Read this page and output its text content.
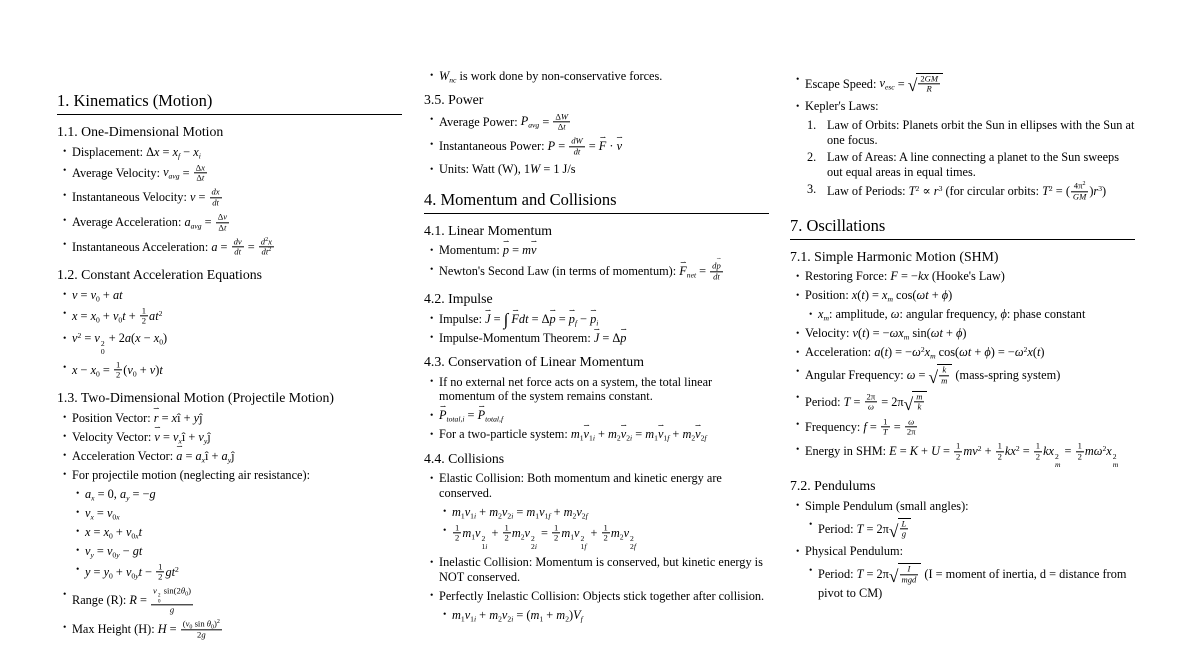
1. Kinematics (Motion)
1.1. One-Dimensional Motion
• Displacement: $\Delta x = x_f - x_i$
• Average Velocity: $v_{avg} = \frac{\Delta x}{\Delta t}$
• Instantaneous Velocity: $v = \frac{dx}{dt}$
• Average Acceleration: $a_{avg} = \frac{\Delta v}{\Delta t}$
• Instantaneous Acceleration: $a = \frac{dv}{dt} = \frac{d^2x}{dt^2}$
1.2. Constant Acceleration Equations
• $v = v_0$ + at
• $x = x_0 + v_0t + \frac{1}{2} at^2$
• $v^2 = v$ 2
0
+ $2a(x - x_0)$
• $x - x_0 = \frac{1}{2} (v_0 + v)t$
1.3. Two-Dimensional Motion (Projectile Motion)
• Position Vector: r ⇀ = xî + yĵ
• Velocity Vector: v ⇀ = $v_xî$ + $v_yĵ$
• Acceleration Vector: a ⇀ = $a_xî$ + $a_yĵ$
• For projectile motion (neglecting air resistance):
• $a_x = 0$, $a_y = -g$
• $v_x = v_{0x}$
• $x = x_0 + v_{0x}t$
• $v_y = v_{0y}$ − gt
• $y = y_0 + v_{0y}t - \frac{1}{2} gt^2$
• Range (R): R = v 2
0
$\sin(2\theta_0)$
g
• Max Height (H): $H = \frac{(v_0 \sin \theta_0)^2}{2g}$
• $W_{nc}$ is work done by non-conservative forces.
3.5. Power
• Average Power: $P_{avg} = \frac{\Delta W}{\Delta t}$
• Instantaneous Power: $P = \frac{dW}{dt} = F$ ⇀ · v ⇀
• Units: Watt (W), 1W = 1 J/s
4. Momentum and Collisions
4.1. Linear Momentum
• Momentum: p ⇀ = mv ⇀
• Newton's Second Law (in terms of momentum): F $⇀_{net} = \frac{dp ⇀}{dt}$
4.2. Impulse
• Impulse: J ⇀ = ∫ F ⇀dt = Δp ⇀ = p $⇀_f - p$ $⇀_i$
• Impulse-Momentum Theorem: J ⇀ = Δp ⇀
4.3. Conservation of Linear Momentum
• If no external net force acts on a system, the total linear momentum of the system remains constant.
• P $⇀_{total,i} = P$ $⇀_{total,f}$
• For a two-particle system: $m_1v$ $⇀_{1i} + m_2v$ $⇀_{2i} = m_1v$ $⇀_{1f} + m_2v$ $⇀_{2f}$
4.4. Collisions
• Elastic Collision: Both momentum and kinetic energy are conserved.
• $m_1v_{1i} + m_2v_{2i} = m_1v_{1f} + m_2v_{2f}$
• $\frac{1}{2} m_1v$ 2
1i
+ $\frac{1}{2} m_2v$ 2
2i
= $\frac{1}{2} m_1v$ 2
1f
+ $\frac{1}{2} m_2v$ 2
2f
• Inelastic Collision: Momentum is conserved, but kinetic energy is NOT conserved.
• Perfectly Inelastic Collision: Objects stick together after collision.
• $m_1v_{1i} + m_2v_{2i} = (m_1 + m_2)V_f$
• Escape Speed: $v_{esc}$ = √ $\frac{2GM}{R}$
• Kepler's Laws:
1. Law of Orbits: Planets orbit the Sun in ellipses with the Sun at one focus.
2. Law of Areas: A line connecting a planet to the Sun sweeps out equal areas in equal times.
3. Law of Periods: $T^2 \propto r^3$ (for circular orbits: $T^2$ = ( $\frac{4\pi^2}{GM} )r^3$)
7. Oscillations
7.1. Simple Harmonic Motion (SHM)
• Restoring Force: F = −kx (Hooke's Law)
• Position: $x(t) = x_m$ cos(ωt + ϕ)
• $x_m$: amplitude, ω: angular frequency, ϕ: phase constant
• Velocity: $v(t) = -\omega x_m$ sin(ωt + ϕ)
• Acceleration: $a(t) = -\omega^2x_m$ $\cos(\omega t + \phi) = -\omega^2x(t)$
• Angular Frequency: ω = √ $\frac{k}{m}$ (mass-spring system)
• Period: $T = \frac{2\pi}{\omega} = 2\pi√ \frac{m}{k}$
• Frequency: $f = \frac{1}{T} = \frac{\omega}{2\pi}$
• Energy in SHM: $E = K + U = \frac{1}{2} mv^2 + \frac{1}{2} kx^2 = \frac{1}{2}$ kx 2
m
= $\frac{1}{2} m\omega^2x$ 2
m
7.2. Pendulums
• Simple Pendulum (small angles):
• Period: $T = 2\pi√ \frac{L}{g}$
• Physical Pendulum:
• Period: T = 2π√	I
mgd (I = moment of inertia, d = distance from pivot to CM)
